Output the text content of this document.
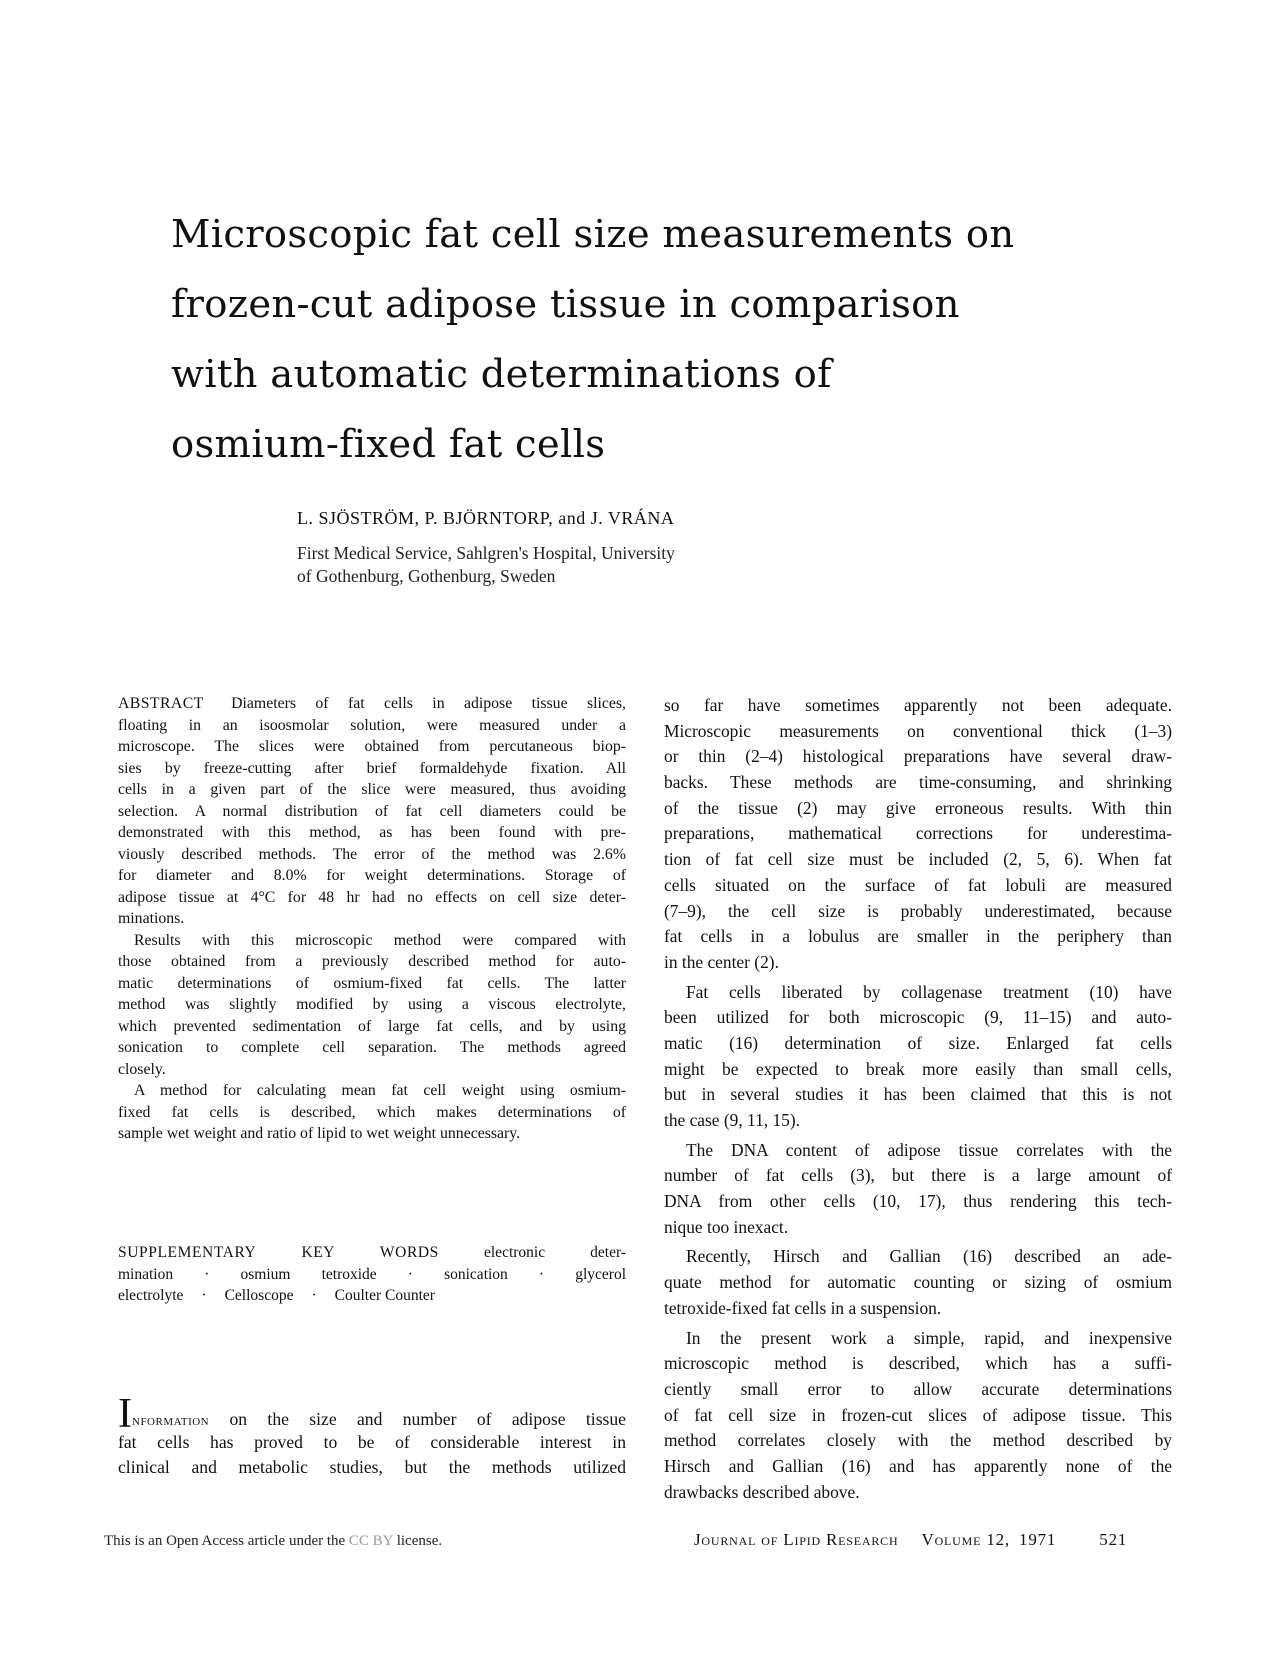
Microscopic fat cell size measurements on
frozen-cut adipose tissue in comparison
with automatic determinations of
osmium-fixed fat cells
L. SJÖSTRÖM, P. BJÖRNTORP, and J. VRÁNA
First Medical Service, Sahlgren's Hospital, University
of Gothenburg, Gothenburg, Sweden
ABSTRACT Diameters of fat cells in adipose tissue slices,
floating in an isoosmolar solution, were measured under a
microscope. The slices were obtained from percutaneous biop-
sies by freeze-cutting after brief formaldehyde fixation. All
cells in a given part of the slice were measured, thus avoiding
selection. A normal distribution of fat cell diameters could be
demonstrated with this method, as has been found with pre-
viously described methods. The error of the method was 2.6%
for diameter and 8.0% for weight determinations. Storage of
adipose tissue at 4°C for 48 hr had no effects on cell size deter-
minations.
Results with this microscopic method were compared with
those obtained from a previously described method for auto-
matic determinations of osmium-fixed fat cells. The latter
method was slightly modified by using a viscous electrolyte,
which prevented sedimentation of large fat cells, and by using
sonication to complete cell separation. The methods agreed
closely.
A method for calculating mean fat cell weight using osmium-
fixed fat cells is described, which makes determinations of
sample wet weight and ratio of lipid to wet weight unnecessary.
SUPPLEMENTARY KEY WORDS	electronic deter-
mination · osmium tetroxide · sonication · glycerol
electrolyte · Celloscope · Coulter Counter
Information on the size and number of adipose tissue
fat cells has proved to be of considerable interest in
clinical and metabolic studies, but the methods utilized
so far have sometimes apparently not been adequate.
Microscopic measurements on conventional thick (1–3)
or thin (2–4) histological preparations have several draw-
backs. These methods are time-consuming, and shrinking
of the tissue (2) may give erroneous results. With thin
preparations, mathematical corrections for underestima-
tion of fat cell size must be included (2, 5, 6). When fat
cells situated on the surface of fat lobuli are measured
(7–9), the cell size is probably underestimated, because
fat cells in a lobulus are smaller in the periphery than
in the center (2).
Fat cells liberated by collagenase treatment (10) have
been utilized for both microscopic (9, 11–15) and auto-
matic (16) determination of size. Enlarged fat cells
might be expected to break more easily than small cells,
but in several studies it has been claimed that this is not
the case (9, 11, 15).
The DNA content of adipose tissue correlates with the
number of fat cells (3), but there is a large amount of
DNA from other cells (10, 17), thus rendering this tech-
nique too inexact.
Recently, Hirsch and Gallian (16) described an ade-
quate method for automatic counting or sizing of osmium
tetroxide-fixed fat cells in a suspension.
In the present work a simple, rapid, and inexpensive
microscopic method is described, which has a suffi-
ciently small error to allow accurate determinations
of fat cell size in frozen-cut slices of adipose tissue. This
method correlates closely with the method described by
Hirsch and Gallian (16) and has apparently none of the
drawbacks described above.
This is an Open Access article under the CC BY license.	Journal of Lipid Research Volume 12, 1971	521
